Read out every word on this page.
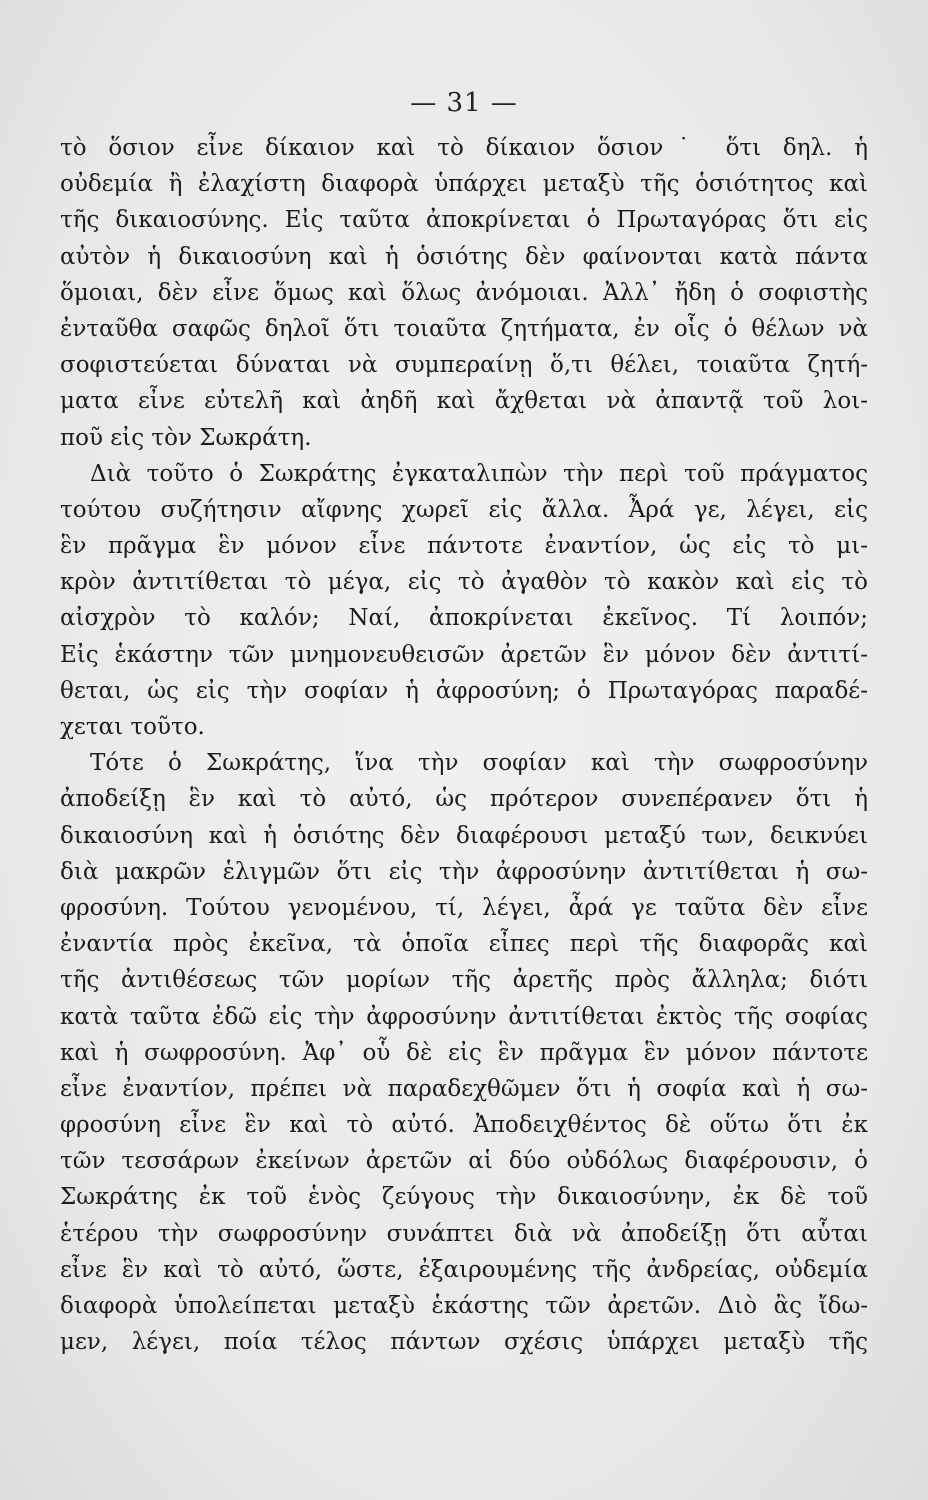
— 31 —
τὸ ὅσιον εἶνε δίκαιον καὶ τὸ δίκαιον ὅσιον˙ ὅτι δηλ. ἡ
οὐδεμία ἢ ἐλαχίστη διαφορὰ ὑπάρχει μεταξὺ τῆς ὁσιότητος καὶ
τῆς δικαιοσύνης. Εἰς ταῦτα ἀποκρίνεται ὁ Πρωταγόρας ὅτι εἰς
αὐτὸν ἡ δικαιοσύνη καὶ ἡ ὁσιότης δὲν φαίνονται κατὰ πάντα
ὅμοιαι, δὲν εἶνε ὅμως καὶ ὅλως ἀνόμοιαι. Ἀλλ᾽ ἤδη ὁ σοφιστὴς
ἐνταῦθα σαφῶς δηλοῖ ὅτι τοιαῦτα ζητήματα, ἐν οἷς ὁ θέλων νὰ
σοφιστεύεται δύναται νὰ συμπεραίνῃ ὅ,τι θέλει, τοιαῦτα ζητή-
ματα εἶνε εὐτελῆ καὶ ἀηδῆ καὶ ἄχθεται νὰ ἀπαντᾷ τοῦ λοι-
ποῦ εἰς τὸν Σωκράτη.
Διὰ τοῦτο ὁ Σωκράτης ἐγκαταλιπὼν τὴν περὶ τοῦ πράγματος
τούτου συζήτησιν αἴφνης χωρεῖ εἰς ἄλλα. Ἆρά γε, λέγει, εἰς
ἓν πρᾶγμα ἓν μόνον εἶνε πάντοτε ἐναντίον, ὡς εἰς τὸ μι-
κρὸν ἀντιτίθεται τὸ μέγα, εἰς τὸ ἀγαθὸν τὸ κακὸν καὶ εἰς τὸ
αἰσχρὸν τὸ καλόν; Ναί, ἀποκρίνεται ἐκεῖνος. Τί λοιπόν;
Εἰς ἑκάστην τῶν μνημονευθεισῶν ἀρετῶν ἓν μόνον δὲν ἀντιτί-
θεται, ὡς εἰς τὴν σοφίαν ἡ ἀφροσύνη; ὁ Πρωταγόρας παραδέ-
χεται τοῦτο.
Τότε ὁ Σωκράτης, ἵνα τὴν σοφίαν καὶ τὴν σωφροσύνην
ἀποδείξῃ ἓν καὶ τὸ αὐτό, ὡς πρότερον συνεπέρανεν ὅτι ἡ
δικαιοσύνη καὶ ἡ ὁσιότης δὲν διαφέρουσι μεταξύ των, δεικνύει
διὰ μακρῶν ἑλιγμῶν ὅτι εἰς τὴν ἀφροσύνην ἀντιτίθεται ἡ σω-
φροσύνη. Τούτου γενομένου, τί, λέγει, ἆρά γε ταῦτα δὲν εἶνε
ἐναντία πρὸς ἐκεῖνα, τὰ ὁποῖα εἶπες περὶ τῆς διαφορᾶς καὶ
τῆς ἀντιθέσεως τῶν μορίων τῆς ἀρετῆς πρὸς ἄλληλα; διότι
κατὰ ταῦτα ἐδῶ εἰς τὴν ἀφροσύνην ἀντιτίθεται ἐκτὸς τῆς σοφίας
καὶ ἡ σωφροσύνη. Ἀφ᾽ οὗ δὲ εἰς ἓν πρᾶγμα ἓν μόνον πάντοτε
εἶνε ἐναντίον, πρέπει νὰ παραδεχθῶμεν ὅτι ἡ σοφία καὶ ἡ σω-
φροσύνη εἶνε ἓν καὶ τὸ αὐτό. Ἀποδειχθέντος δὲ οὕτω ὅτι ἐκ
τῶν τεσσάρων ἐκείνων ἀρετῶν αἱ δύο οὐδόλως διαφέρουσιν, ὁ
Σωκράτης ἐκ τοῦ ἑνὸς ζεύγους τὴν δικαιοσύνην, ἐκ δὲ τοῦ
ἑτέρου τὴν σωφροσύνην συνάπτει διὰ νὰ ἀποδείξῃ ὅτι αὗται
εἶνε ἓν καὶ τὸ αὐτό, ὥστε, ἐξαιρουμένης τῆς ἀνδρείας, οὐδεμία
διαφορὰ ὑπολείπεται μεταξὺ ἑκάστης τῶν ἀρετῶν. Διὸ ἂς ἴδω-
μεν, λέγει, ποία τέλος πάντων σχέσις ὑπάρχει μεταξὺ τῆς
